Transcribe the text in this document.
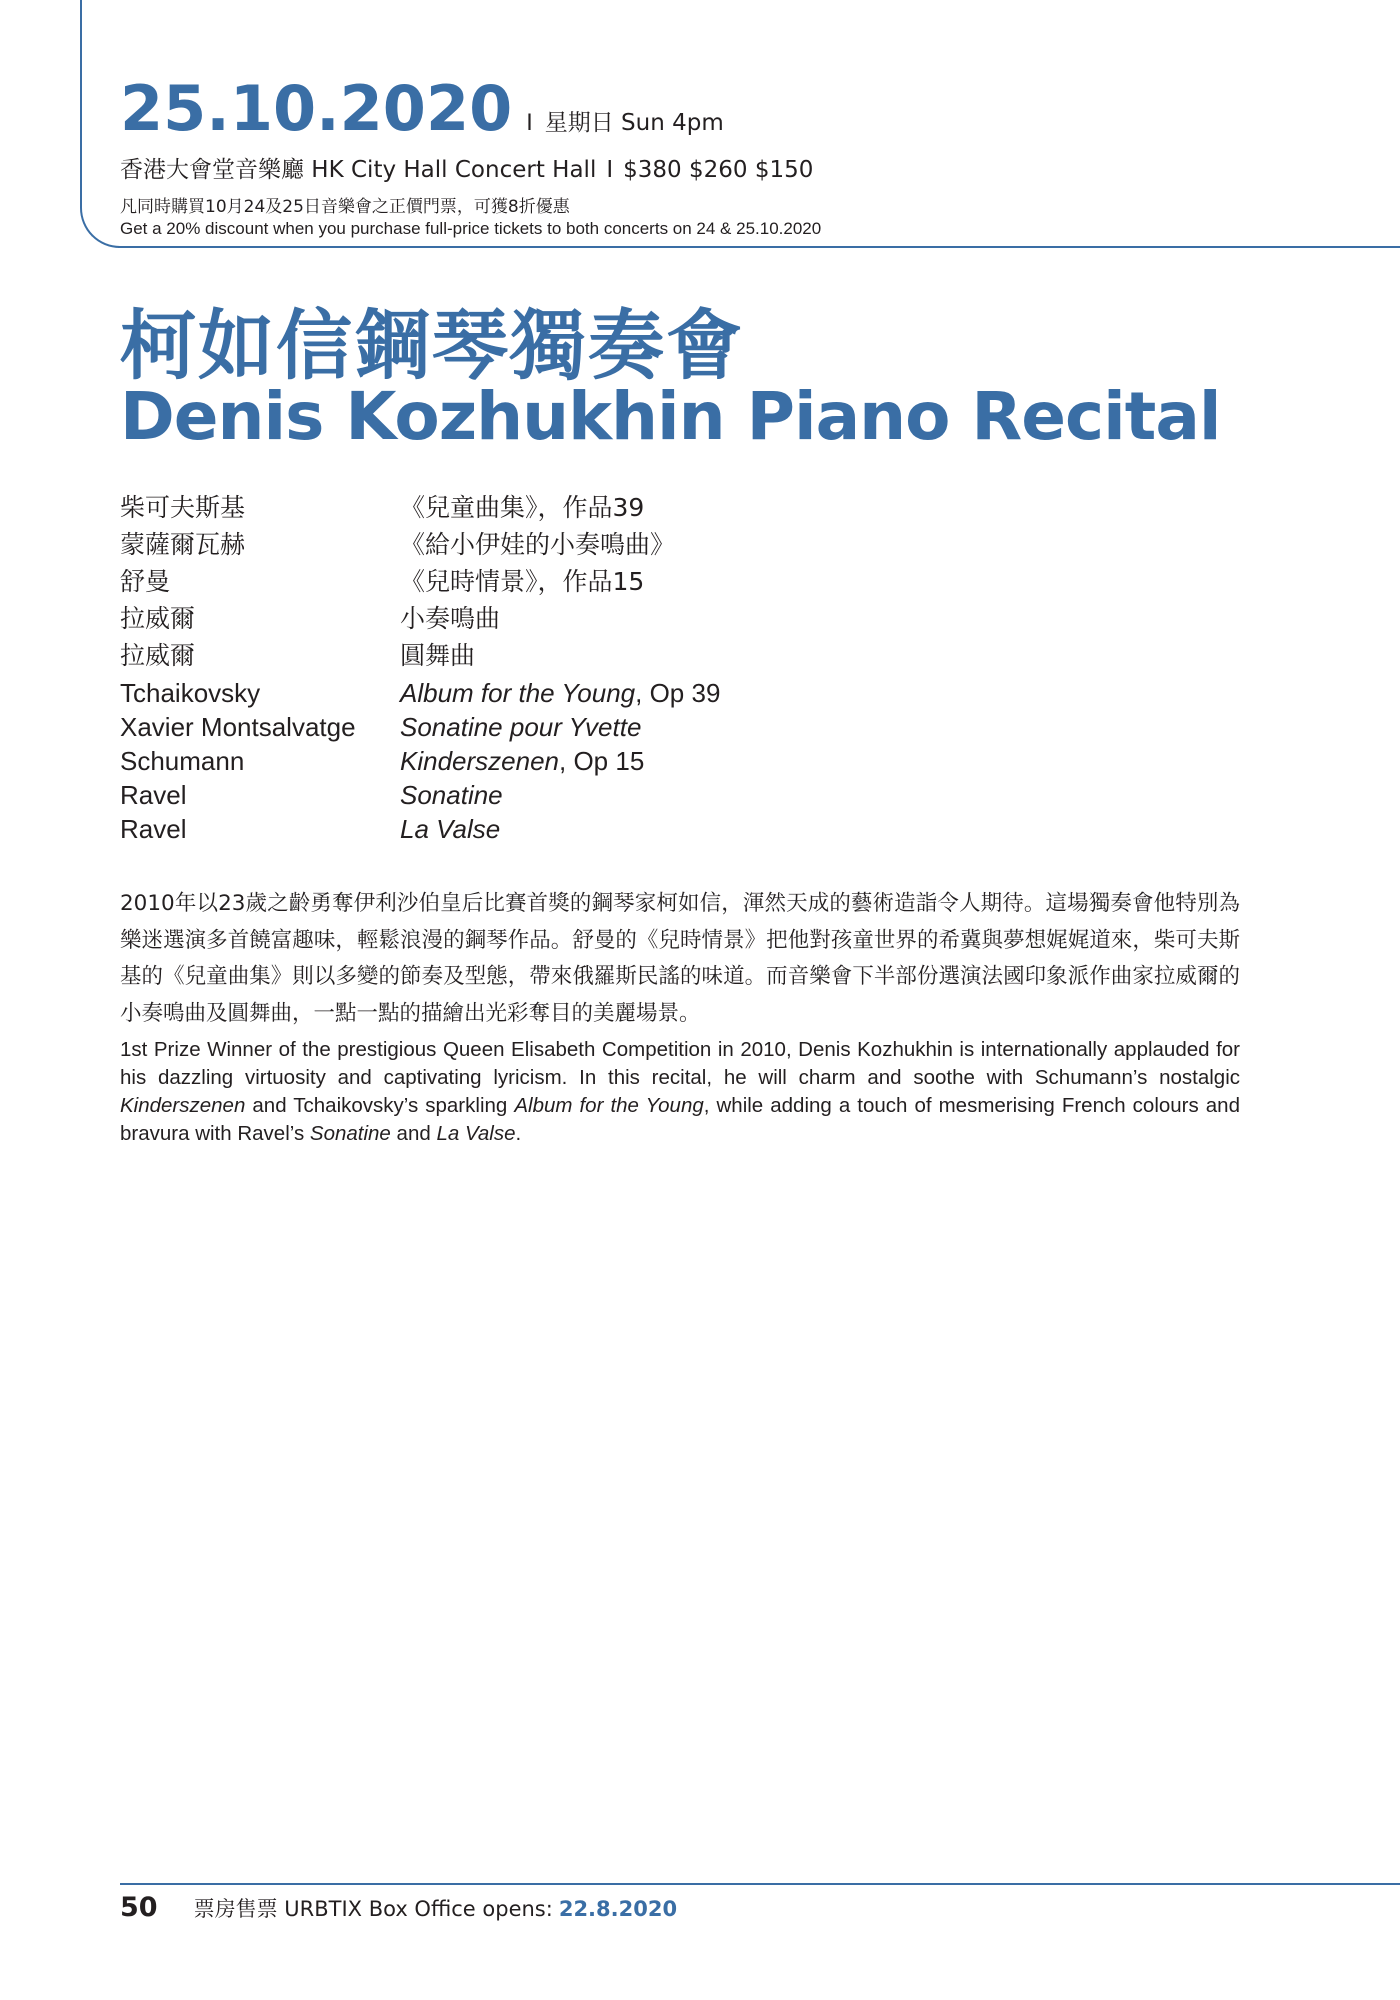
25.10.2020 I 星期日 Sun 4pm
香港大會堂音樂廳 HK City Hall Concert Hall I $380 $260 $150
凡同時購買10月24及25日音樂會之正價門票，可獲8折優惠
Get a 20% discount when you purchase full-price tickets to both concerts on 24 & 25.10.2020
柯如信鋼琴獨奏會
Denis Kozhukhin Piano Recital
柴可夫斯基	《兒童曲集》，作品39
蒙薩爾瓦赫	《給小伊娃的小奏鳴曲》
舒曼	《兒時情景》，作品15
拉威爾	小奏鳴曲
拉威爾	圓舞曲
Tchaikovsky	Album for the Young, Op 39
Xavier Montsalvatge	Sonatine pour Yvette
Schumann	Kinderszenen, Op 15
Ravel	Sonatine
Ravel	La Valse
2010年以23歲之齡勇奪伊利沙伯皇后比賽首獎的鋼琴家柯如信，渾然天成的藝術造詣令人期待。這場獨奏會他特別為樂迷選演多首饒富趣味，輕鬆浪漫的鋼琴作品。舒曼的《兒時情景》把他對孩童世界的希冀與夢想娓娓道來，柴可夫斯基的《兒童曲集》則以多變的節奏及型態，帶來俄羅斯民謠的味道。而音樂會下半部份選演法國印象派作曲家拉威爾的小奏鳴曲及圓舞曲，一點一點的描繪出光彩奪目的美麗場景。
1st Prize Winner of the prestigious Queen Elisabeth Competition in 2010, Denis Kozhukhin is internationally applauded for his dazzling virtuosity and captivating lyricism. In this recital, he will charm and soothe with Schumann’s nostalgic Kinderszenen and Tchaikovsky’s sparkling Album for the Young, while adding a touch of mesmerising French colours and bravura with Ravel’s Sonatine and La Valse.
50 票房售票 URBTIX Box Office opens: 22.8.2020
